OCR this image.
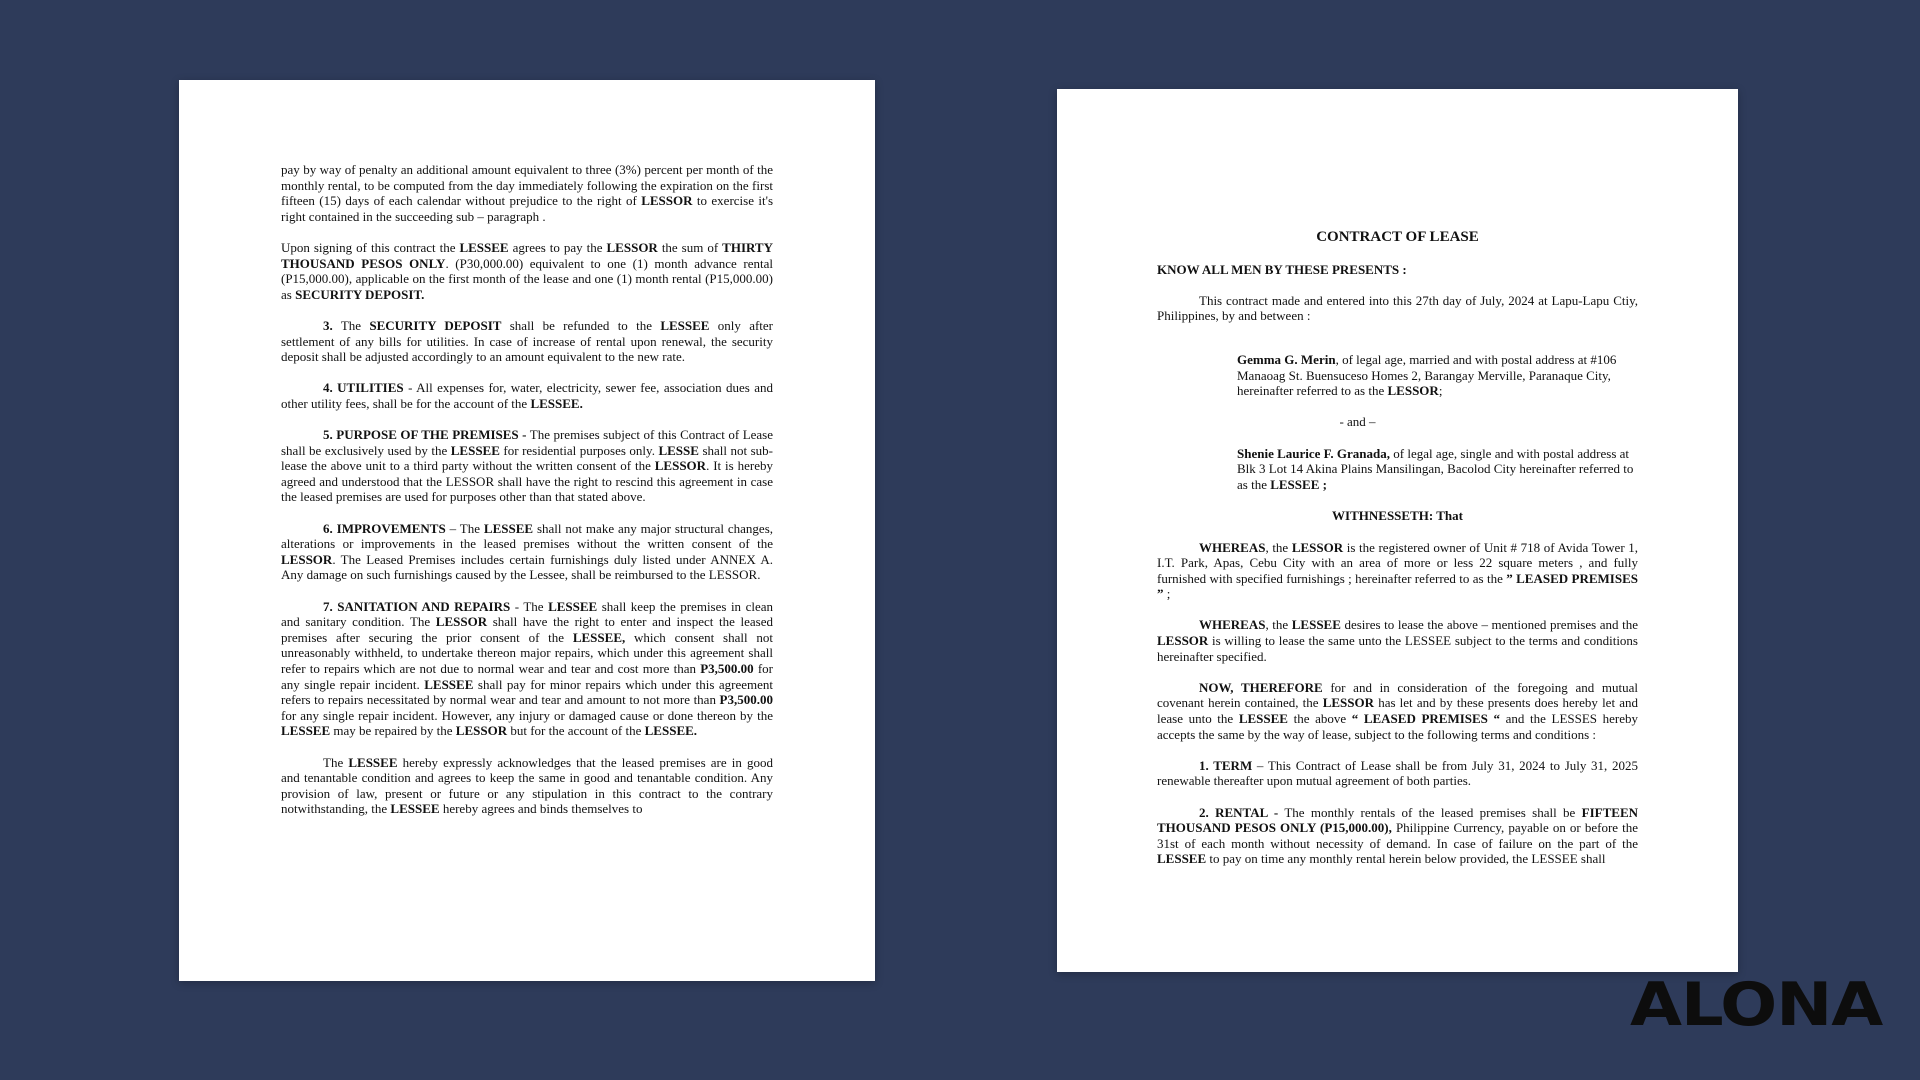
pay by way of penalty an additional amount equivalent to three (3%) percent per month of the monthly rental, to be computed from the day immediately following the expiration on the first fifteen (15) days of each calendar without prejudice to the right of LESSOR to exercise it's right contained in the succeeding sub – paragraph .

Upon signing of this contract the LESSEE agrees to pay the LESSOR the sum of THIRTY THOUSAND PESOS ONLY. (P30,000.00) equivalent to one (1) month advance rental (P15,000.00), applicable on the first month of the lease and one (1) month rental (P15,000.00) as SECURITY DEPOSIT.

3. The SECURITY DEPOSIT shall be refunded to the LESSEE only after settlement of any bills for utilities. In case of increase of rental upon renewal, the security deposit shall be adjusted accordingly to an amount equivalent to the new rate.

4. UTILITIES - All expenses for, water, electricity, sewer fee, association dues and other utility fees, shall be for the account of the LESSEE.

5. PURPOSE OF THE PREMISES - The premises subject of this Contract of Lease shall be exclusively used by the LESSEE for residential purposes only. LESSE shall not sub-lease the above unit to a third party without the written consent of the LESSOR. It is hereby agreed and understood that the LESSOR shall have the right to rescind this agreement in case the leased premises are used for purposes other than that stated above.

6. IMPROVEMENTS – The LESSEE shall not make any major structural changes, alterations or improvements in the leased premises without the written consent of the LESSOR. The Leased Premises includes certain furnishings duly listed under ANNEX A. Any damage on such furnishings caused by the Lessee, shall be reimbursed to the LESSOR.

7. SANITATION AND REPAIRS - The LESSEE shall keep the premises in clean and sanitary condition. The LESSOR shall have the right to enter and inspect the leased premises after securing the prior consent of the LESSEE, which consent shall not unreasonably withheld, to undertake thereon major repairs, which under this agreement shall refer to repairs which are not due to normal wear and tear and cost more than P3,500.00 for any single repair incident. LESSEE shall pay for minor repairs which under this agreement refers to repairs necessitated by normal wear and tear and amount to not more than P3,500.00 for any single repair incident. However, any injury or damaged cause or done thereon by the LESSEE may be repaired by the LESSOR but for the account of the LESSEE.

The LESSEE hereby expressly acknowledges that the leased premises are in good and tenantable condition and agrees to keep the same in good and tenantable condition. Any provision of law, present or future or any stipulation in this contract to the contrary notwithstanding, the LESSEE hereby agrees and binds themselves to

CONTRACT OF LEASE

KNOW ALL MEN BY THESE PRESENTS :

This contract made and entered into this 27th day of July, 2024 at Lapu-Lapu Ctiy, Philippines, by and between :

Gemma G. Merin, of legal age, married and with postal address at #106 Manaoag St. Buensuceso Homes 2, Barangay Merville, Paranaque City, hereinafter referred to as the LESSOR;

- and –

Shenie Laurice F. Granada, of legal age, single and with postal address at Blk 3 Lot 14 Akina Plains Mansilingan, Bacolod City hereinafter referred to as the LESSEE ;

WITHNESSETH: That

WHEREAS, the LESSOR is the registered owner of Unit # 718 of Avida Tower 1, I.T. Park, Apas, Cebu City with an area of more or less 22 square meters , and fully furnished with specified furnishings ; hereinafter referred to as the ” LEASED PREMISES ” ;

WHEREAS, the LESSEE desires to lease the above – mentioned premises and the LESSOR is willing to lease the same unto the LESSEE subject to the terms and conditions hereinafter specified.

NOW, THEREFORE for and in consideration of the foregoing and mutual covenant herein contained, the LESSOR has let and by these presents does hereby let and lease unto the LESSEE the above “ LEASED PREMISES “ and the LESSES hereby accepts the same by the way of lease, subject to the following terms and conditions :

1. TERM – This Contract of Lease shall be from July 31, 2024 to July 31, 2025 renewable thereafter upon mutual agreement of both parties.

2. RENTAL - The monthly rentals of the leased premises shall be FIFTEEN THOUSAND PESOS ONLY (P15,000.00), Philippine Currency, payable on or before the 31st of each month without necessity of demand. In case of failure on the part of the LESSEE to pay on time any monthly rental herein below provided, the LESSEE shall

ALONA
